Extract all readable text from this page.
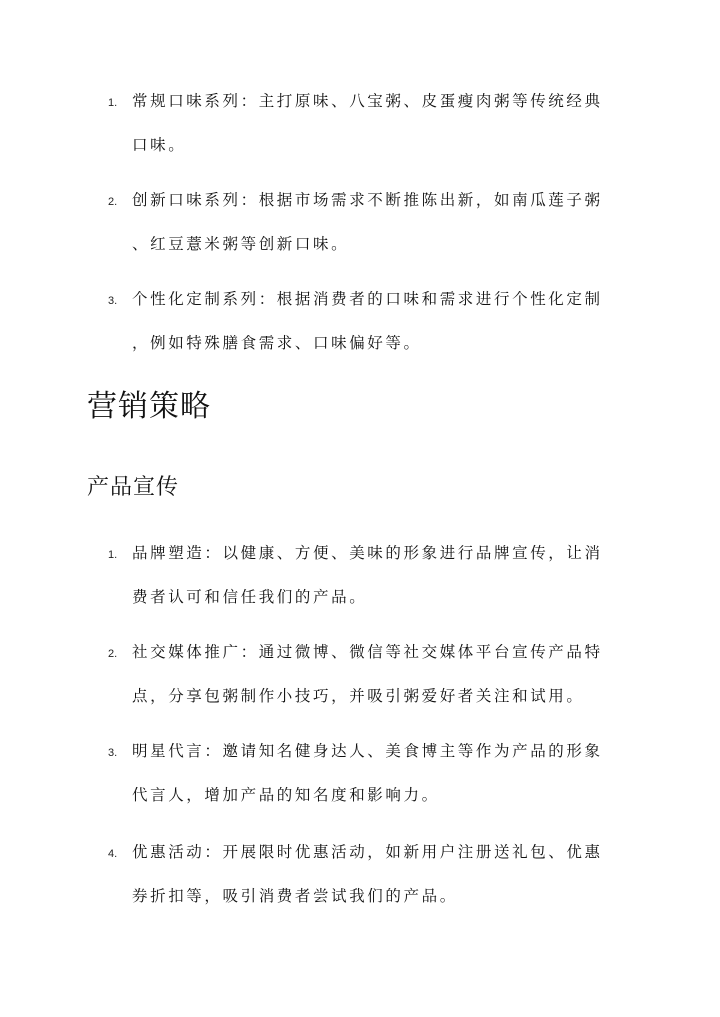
1. 常规口味系列：主打原味、八宝粥、皮蛋瘦肉粥等传统经典
口味。
2. 创新口味系列：根据市场需求不断推陈出新，如南瓜莲子粥
、红豆薏米粥等创新口味。
3. 个性化定制系列：根据消费者的口味和需求进行个性化定制
，例如特殊膳食需求、口味偏好等。
营销策略
产品宣传
1. 品牌塑造：以健康、方便、美味的形象进行品牌宣传，让消
费者认可和信任我们的产品。
2. 社交媒体推广：通过微博、微信等社交媒体平台宣传产品特
点，分享包粥制作小技巧，并吸引粥爱好者关注和试用。
3. 明星代言：邀请知名健身达人、美食博主等作为产品的形象
代言人，增加产品的知名度和影响力。
4. 优惠活动：开展限时优惠活动，如新用户注册送礼包、优惠
券折扣等，吸引消费者尝试我们的产品。
